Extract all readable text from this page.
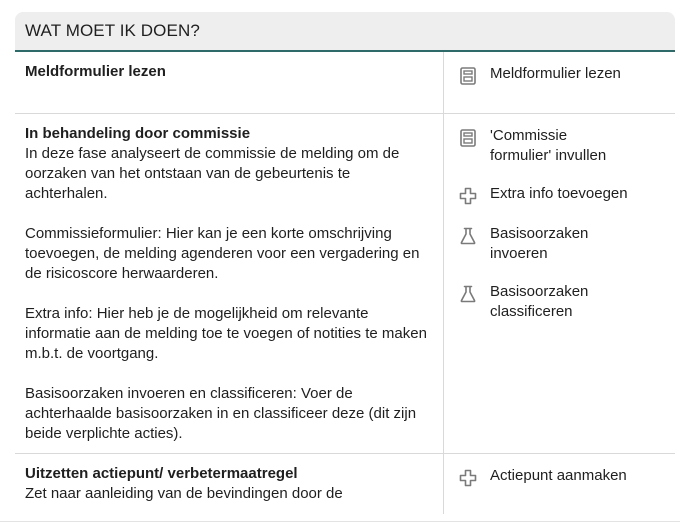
WAT MOET IK DOEN?
Meldformulier lezen	Meldformulier lezen
In behandeling door commissie
In deze fase analyseert de commissie de melding om de oorzaken van het ontstaan van de gebeurtenis te achterhalen.
Commissieformulier: Hier kan je een korte omschrijving toevoegen, de melding agenderen voor een vergadering en de risicoscore herwaarderen.
Extra info: Hier heb je de mogelijkheid om relevante informatie aan de melding toe te voegen of notities te maken m.b.t. de voortgang.
Basisoorzaken invoeren en classificeren: Voer de achterhaalde basisoorzaken in en classificeer deze (dit zijn beide verplichte acties).
'Commissie formulier' invullen
Extra info toevoegen
Basisoorzaken invoeren
Basisoorzaken classificeren
Uitzetten actiepunt/ verbetermaatregel
Zet naar aanleiding van de bevindingen door de
Actiepunt aanmaken
